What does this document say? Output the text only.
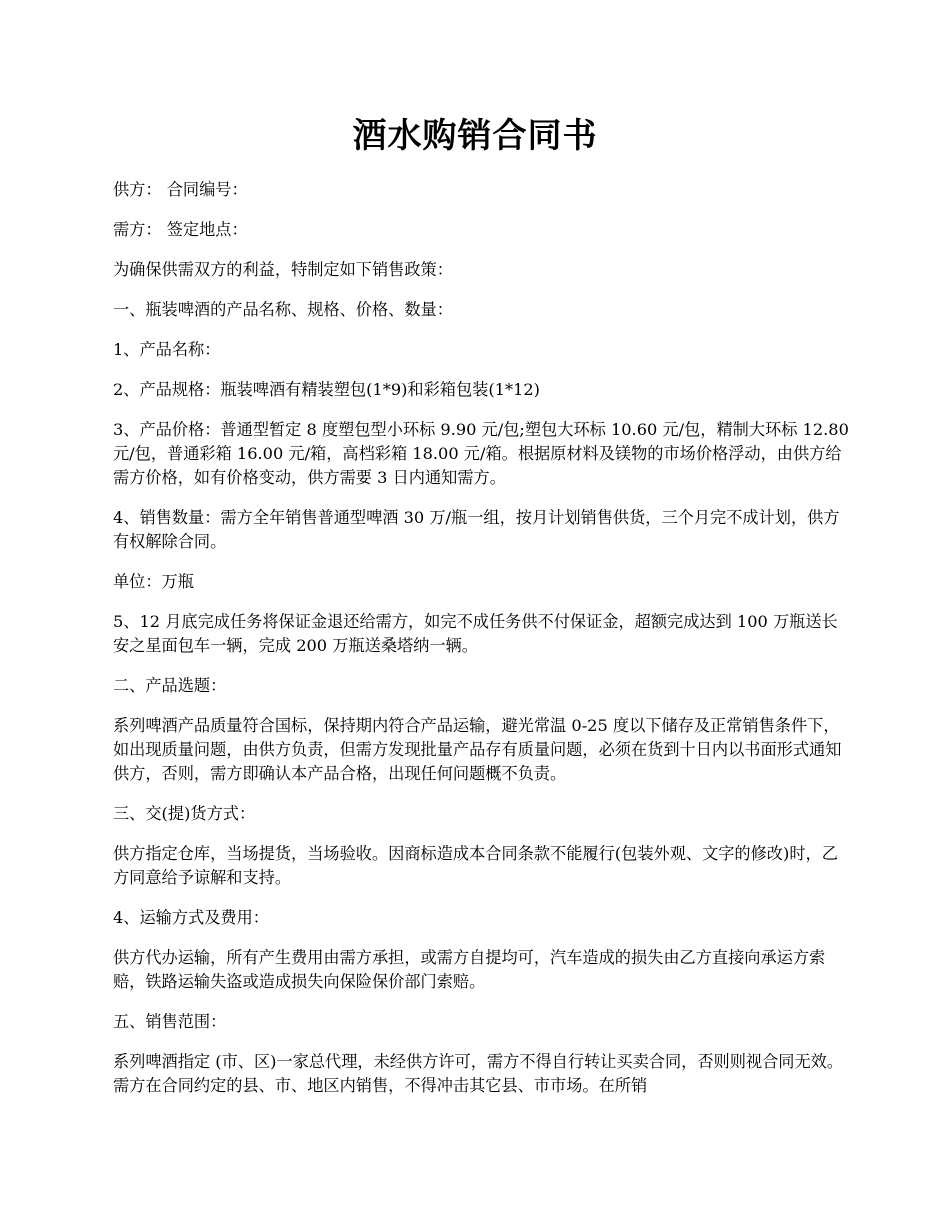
酒水购销合同书

供方： 合同编号：

需方： 签定地点：

为确保供需双方的利益，特制定如下销售政策：

一、瓶装啤酒的产品名称、规格、价格、数量：

1、产品名称：

2、产品规格：瓶装啤酒有精装塑包(1*9)和彩箱包装(1*12)

3、产品价格：普通型暂定 8 度塑包型小环标 9.90 元/包;塑包大环标 10.60 元/包，精制大环标 12.80 元/包，普通彩箱 16.00 元/箱，高档彩箱 18.00 元/箱。根据原材料及镁物的市场价格浮动，由供方给需方价格，如有价格变动，供方需要 3 日内通知需方。

4、销售数量：需方全年销售普通型啤酒 30 万/瓶一组，按月计划销售供货，三个月完不成计划，供方有权解除合同。

单位：万瓶

5、12 月底完成任务将保证金退还给需方，如完不成任务供不付保证金，超额完成达到 100 万瓶送长安之星面包车一辆，完成 200 万瓶送桑塔纳一辆。

二、产品选题：

系列啤酒产品质量符合国标，保持期内符合产品运输，避光常温 0-25 度以下储存及正常销售条件下，如出现质量问题，由供方负责，但需方发现批量产品存有质量问题，必须在货到十日内以书面形式通知供方，否则，需方即确认本产品合格，出现任何问题概不负责。

三、交(提)货方式：

供方指定仓库，当场提货，当场验收。因商标造成本合同条款不能履行(包装外观、文字的修改)时，乙方同意给予谅解和支持。

4、运输方式及费用：

供方代办运输，所有产生费用由需方承担，或需方自提均可，汽车造成的损失由乙方直接向承运方索赔，铁路运输失盗或造成损失向保险保价部门索赔。

五、销售范围：

系列啤酒指定 (市、区)一家总代理，未经供方许可，需方不得自行转让买卖合同，否则则视合同无效。需方在合同约定的县、市、地区内销售，不得冲击其它县、市市场。在所销
